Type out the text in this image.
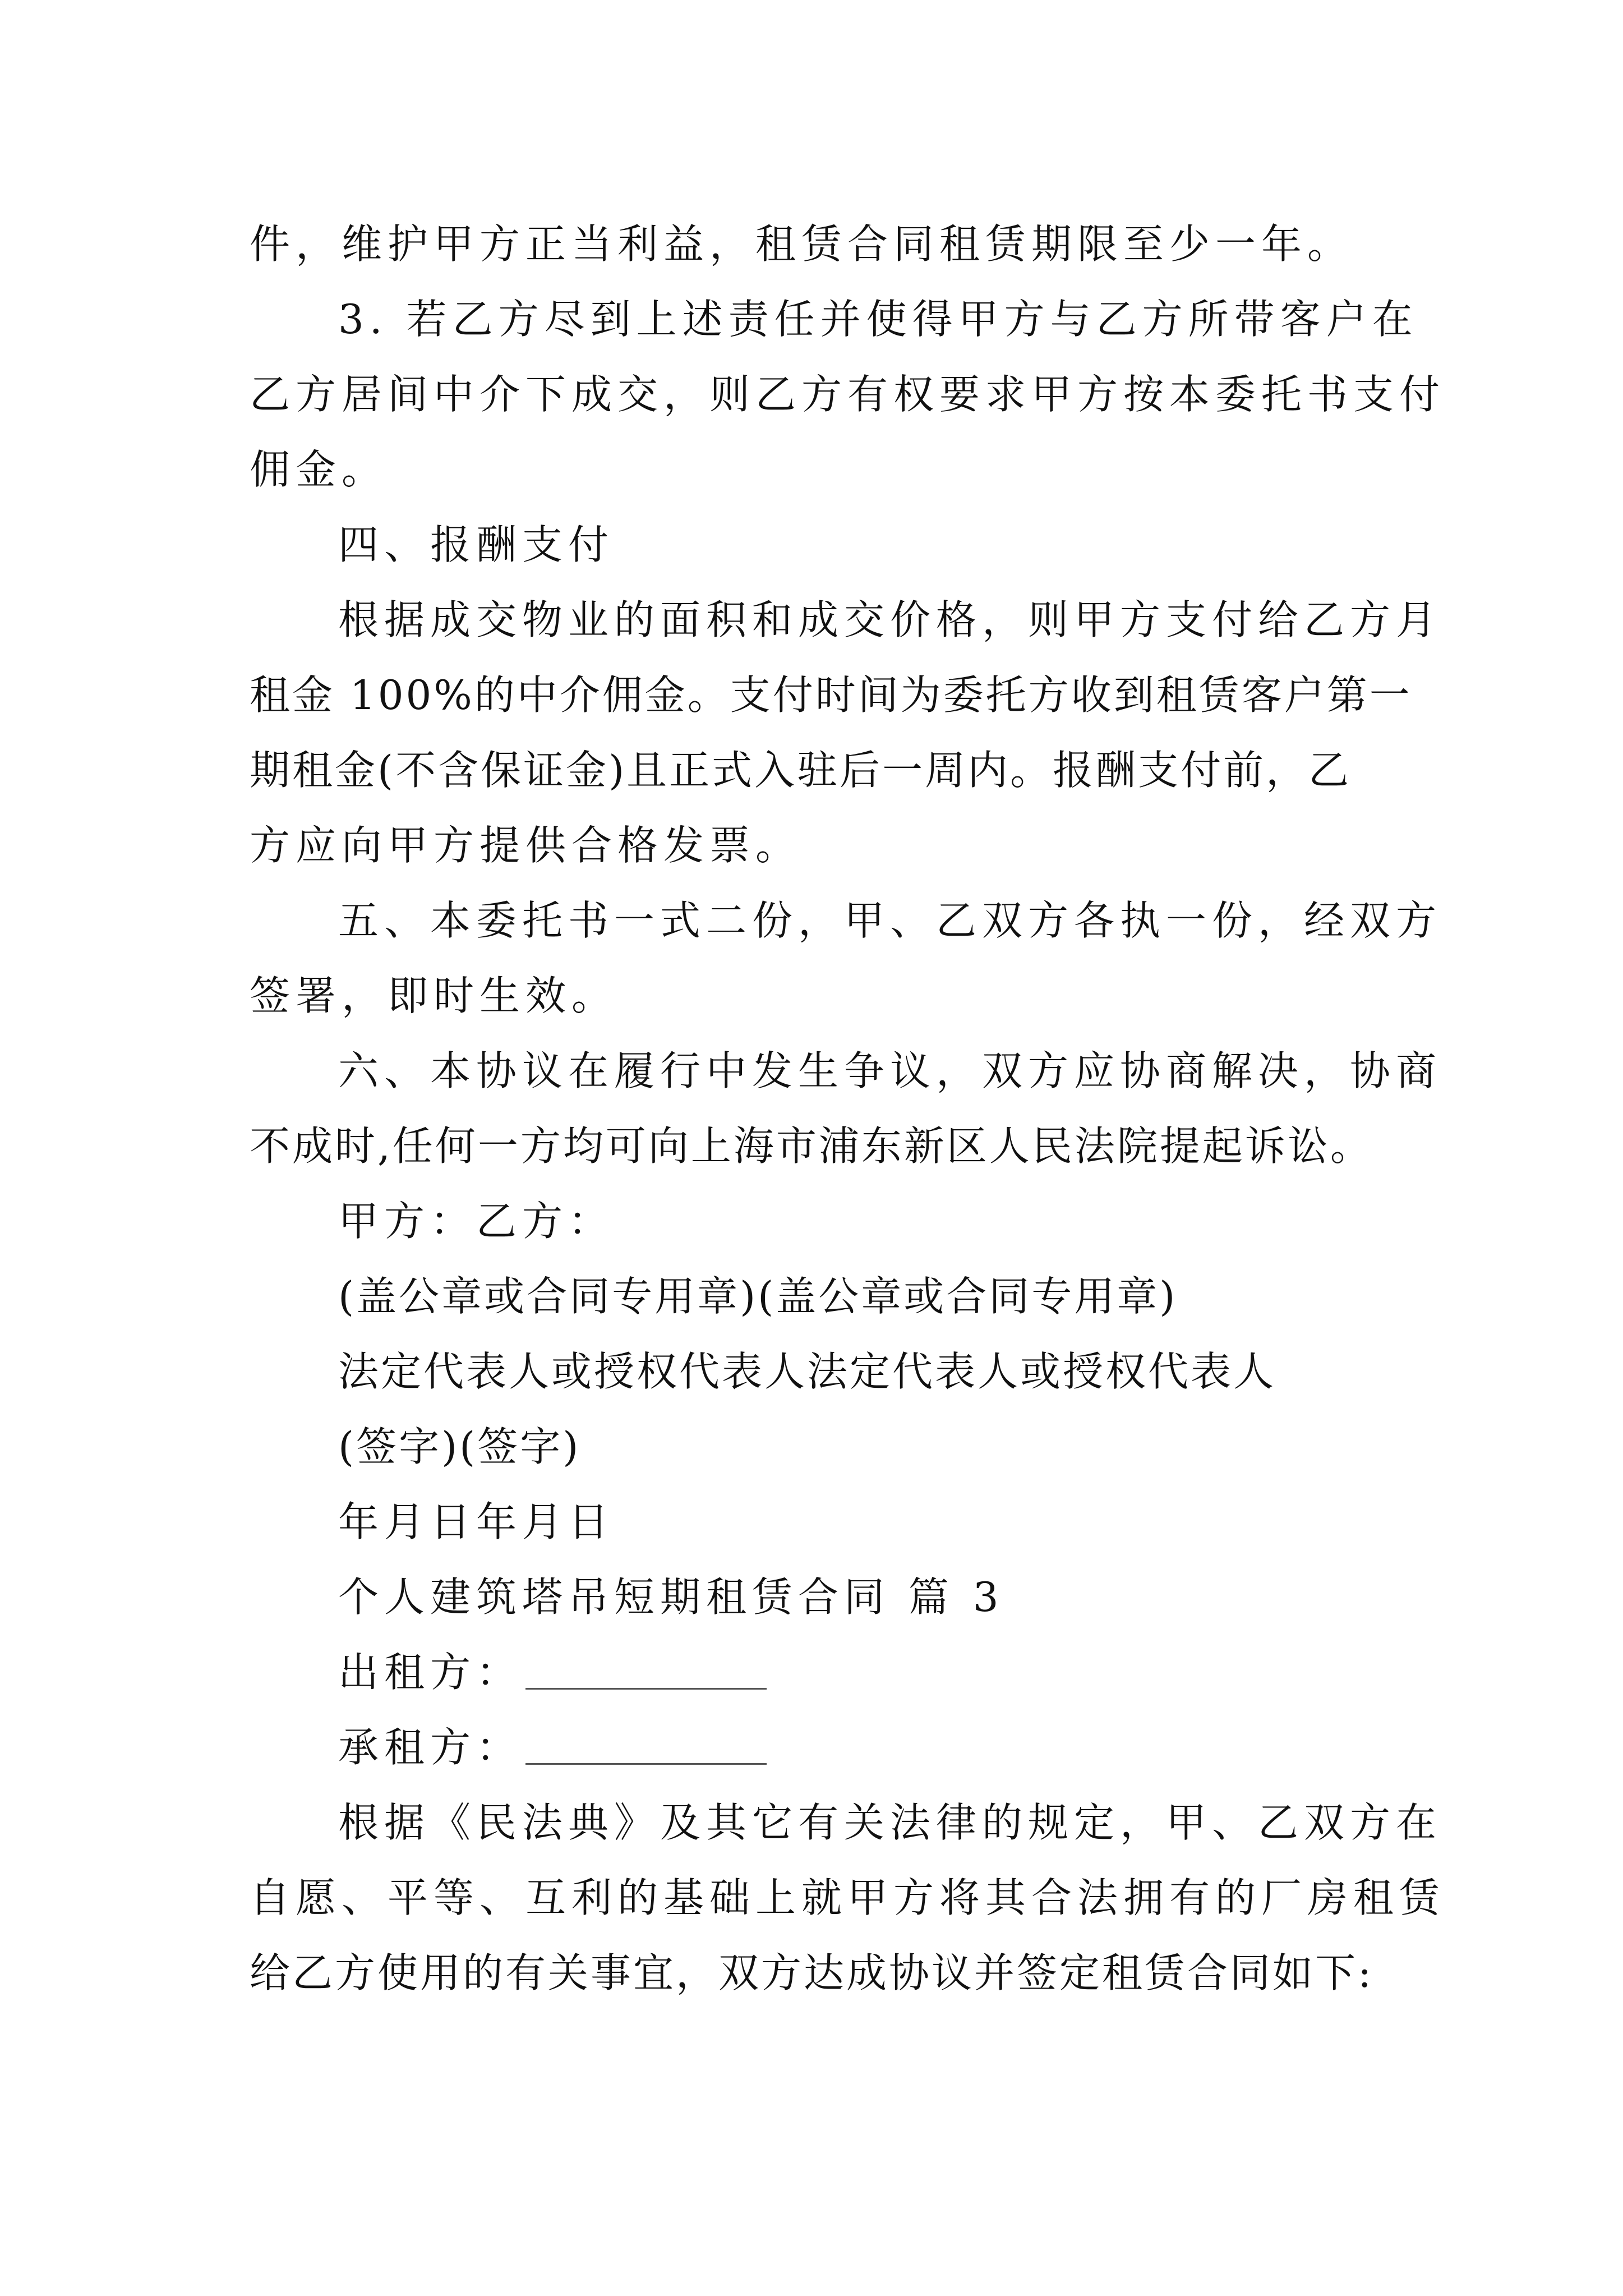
件，维护甲方正当利益，租赁合同租赁期限至少一年。
3. 若乙方尽到上述责任并使得甲方与乙方所带客户在
乙方居间中介下成交，则乙方有权要求甲方按本委托书支付
佣金。
四、报酬支付
根据成交物业的面积和成交价格，则甲方支付给乙方月
租金 100%的中介佣金。支付时间为委托方收到租赁客户第一
期租金(不含保证金)且正式入驻后一周内。报酬支付前，乙
方应向甲方提供合格发票。
五、本委托书一式二份，甲、乙双方各执一份，经双方
签署，即时生效。
六、本协议在履行中发生争议，双方应协商解决，协商
不成时,任何一方均可向上海市浦东新区人民法院提起诉讼。
甲方：乙方：
(盖公章或合同专用章)(盖公章或合同专用章)
法定代表人或授权代表人法定代表人或授权代表人
(签字)(签字)
年月日年月日
个人建筑塔吊短期租赁合同 篇 3
出租方：
承租方：
根据《民法典》及其它有关法律的规定，甲、乙双方在
自愿、平等、互利的基础上就甲方将其合法拥有的厂房租赁
给乙方使用的有关事宜，双方达成协议并签定租赁合同如下:
